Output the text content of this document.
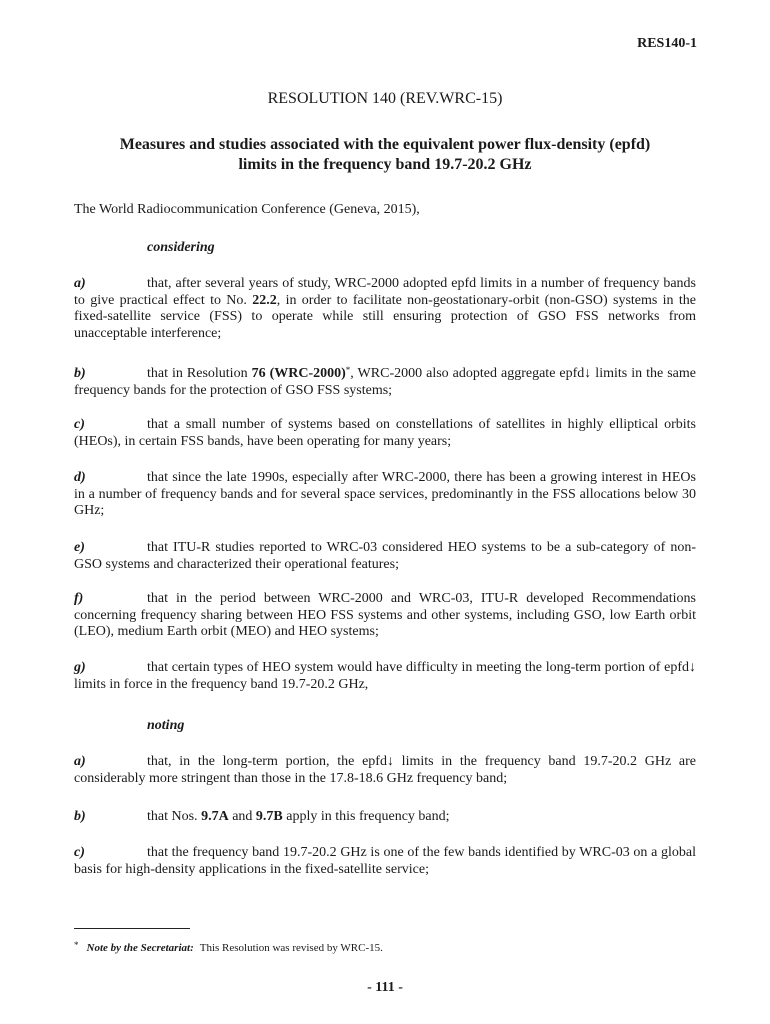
RES140-1
RESOLUTION 140 (REV.WRC-15)
Measures and studies associated with the equivalent power flux-density (epfd)
limits in the frequency band 19.7-20.2 GHz
The World Radiocommunication Conference (Geneva, 2015),
considering
a)	that, after several years of study, WRC-2000 adopted epfd limits in a number of frequency bands to give practical effect to No. 22.2, in order to facilitate non-geostationary-orbit (non-GSO) systems in the fixed-satellite service (FSS) to operate while still ensuring protection of GSO FSS networks from unacceptable interference;
b)	that in Resolution 76 (WRC-2000)*, WRC-2000 also adopted aggregate epfd↓ limits in the same frequency bands for the protection of GSO FSS systems;
c)	that a small number of systems based on constellations of satellites in highly elliptical orbits (HEOs), in certain FSS bands, have been operating for many years;
d)	that since the late 1990s, especially after WRC-2000, there has been a growing interest in HEOs in a number of frequency bands and for several space services, predominantly in the FSS allocations below 30 GHz;
e)	that ITU-R studies reported to WRC-03 considered HEO systems to be a sub-category of non-GSO systems and characterized their operational features;
f)	that in the period between WRC-2000 and WRC-03, ITU-R developed Recommendations concerning frequency sharing between HEO FSS systems and other systems, including GSO, low Earth orbit (LEO), medium Earth orbit (MEO) and HEO systems;
g)	that certain types of HEO system would have difficulty in meeting the long-term portion of epfd↓ limits in force in the frequency band 19.7-20.2 GHz,
noting
a)	that, in the long-term portion, the epfd↓ limits in the frequency band 19.7-20.2 GHz are considerably more stringent than those in the 17.8-18.6 GHz frequency band;
b)	that Nos. 9.7A and 9.7B apply in this frequency band;
c)	that the frequency band 19.7-20.2 GHz is one of the few bands identified by WRC-03 on a global basis for high-density applications in the fixed-satellite service;
* Note by the Secretariat: This Resolution was revised by WRC-15.
- 111 -
